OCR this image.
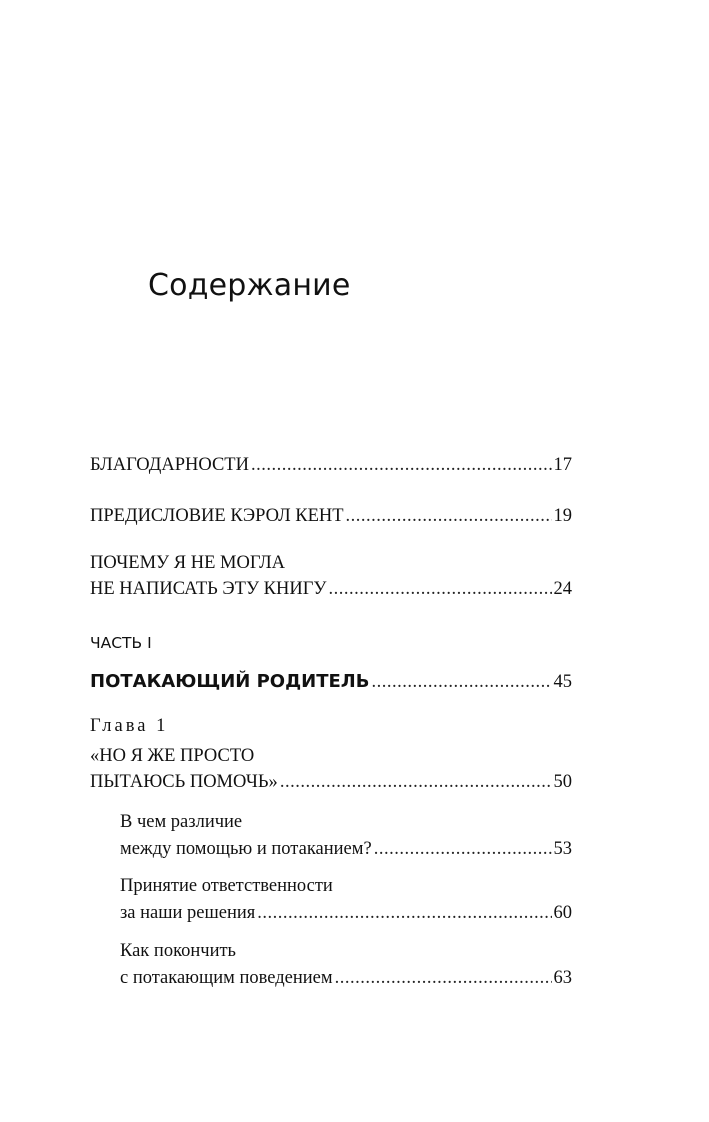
Содержание
БЛАГОДАРНОСТИ .....	17
ПРЕДИСЛОВИЕ КЭРОЛ КЕНТ .....	19
ПОЧЕМУ Я НЕ МОГЛА
НЕ НАПИСАТЬ ЭТУ КНИГУ .....	24
ЧАСТЬ I
ПОТАКАЮЩИЙ РОДИТЕЛЬ .....	45
Глава 1
«НО Я ЖЕ ПРОСТО
ПЫТАЮСЬ ПОМОЧЬ» .....	50
В чем различие
между помощью и потаканием? .....	53
Принятие ответственности
за наши решения .....	60
Как покончить
с потакающим поведением .....	63
